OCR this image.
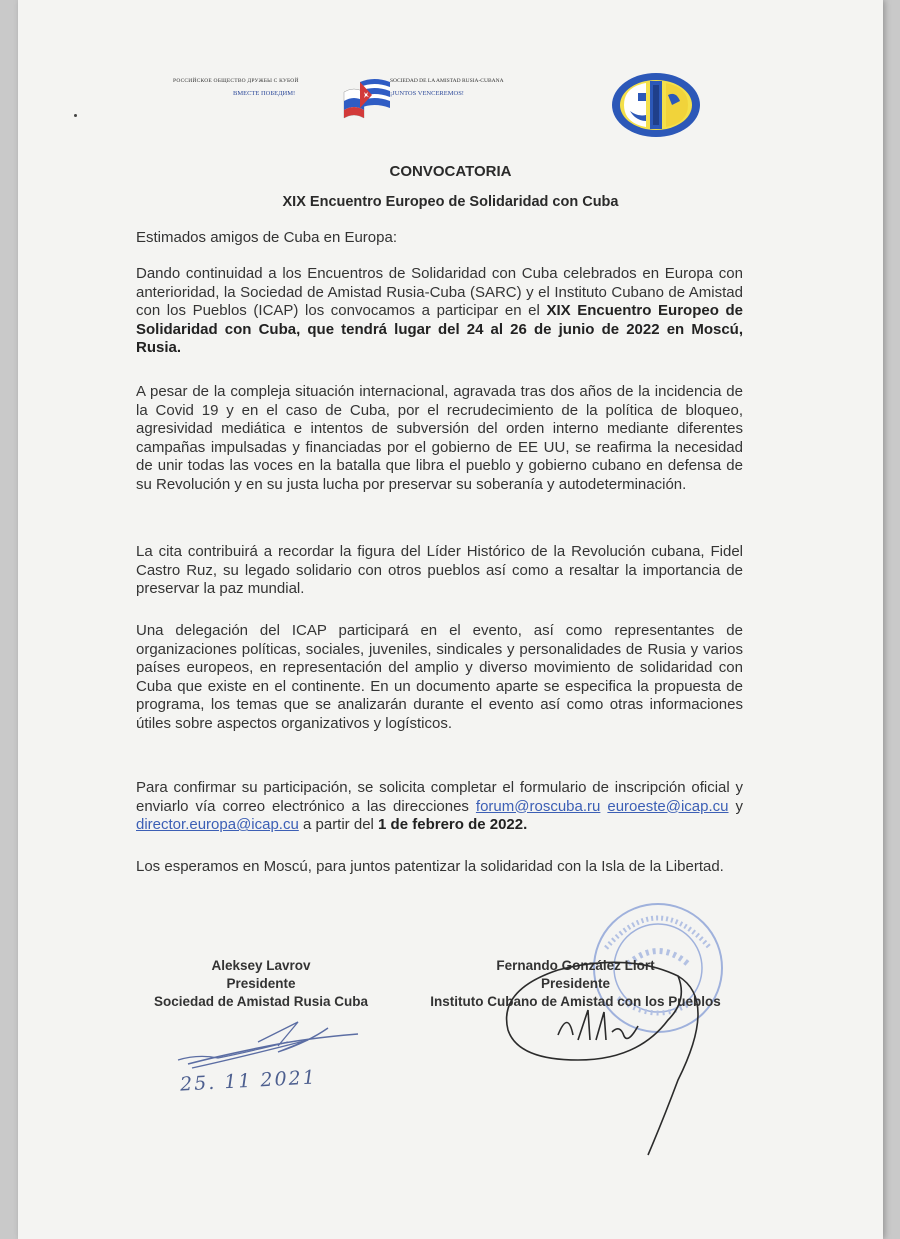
РОССИЙСКОЕ ОБЩЕСТВО ДРУЖБЫ С КУБОЙ
ВМЕСТЕ ПОБЕДИМ!
SOCIEDAD DE LA AMISTAD RUSIA-CUBANA
¡JUNTOS VENCEREMOS!
CONVOCATORIA
XIX Encuentro Europeo de Solidaridad con Cuba
Estimados amigos de Cuba en Europa:

Dando continuidad a los Encuentros de Solidaridad con Cuba celebrados en Europa con anterioridad, la Sociedad de Amistad Rusia-Cuba (SARC) y el Instituto Cubano de Amistad con los Pueblos (ICAP) los convocamos a participar en el XIX Encuentro Europeo de Solidaridad con Cuba, que tendrá lugar del 24 al 26 de junio de 2022 en Moscú, Rusia.

A pesar de la compleja situación internacional, agravada tras dos años de la incidencia de la Covid 19 y en el caso de Cuba, por el recrudecimiento de la política de bloqueo, agresividad mediática e intentos de subversión del orden interno mediante diferentes campañas impulsadas y financiadas por el gobierno de EE UU, se reafirma la necesidad de unir todas las voces en la batalla que libra el pueblo y gobierno cubano en defensa de su Revolución y en su justa lucha por preservar su soberanía y autodeterminación.

La cita contribuirá a recordar la figura del Líder Histórico de la Revolución cubana, Fidel Castro Ruz, su legado solidario con otros pueblos así como a resaltar la importancia de preservar la paz mundial.

Una delegación del ICAP participará en el evento, así como representantes de organizaciones políticas, sociales, juveniles, sindicales y personalidades de Rusia y varios países europeos, en representación del amplio y diverso movimiento de solidaridad con Cuba que existe en el continente. En un documento aparte se especifica la propuesta de programa, los temas que se analizarán durante el evento así como otras informaciones útiles sobre aspectos organizativos y logísticos.

Para confirmar su participación, se solicita completar el formulario de inscripción oficial y enviarlo vía correo electrónico a las direcciones forum@roscuba.ru euroeste@icap.cu y director.europa@icap.cu a partir del 1 de febrero de 2022.

Los esperamos en Moscú, para juntos patentizar la solidaridad con la Isla de la Libertad.

Aleksey Lavrov
Presidente
Sociedad de Amistad Rusia Cuba
Fernando González Llort
Presidente
Instituto Cubano de Amistad con los Pueblos
25. 11 2021
